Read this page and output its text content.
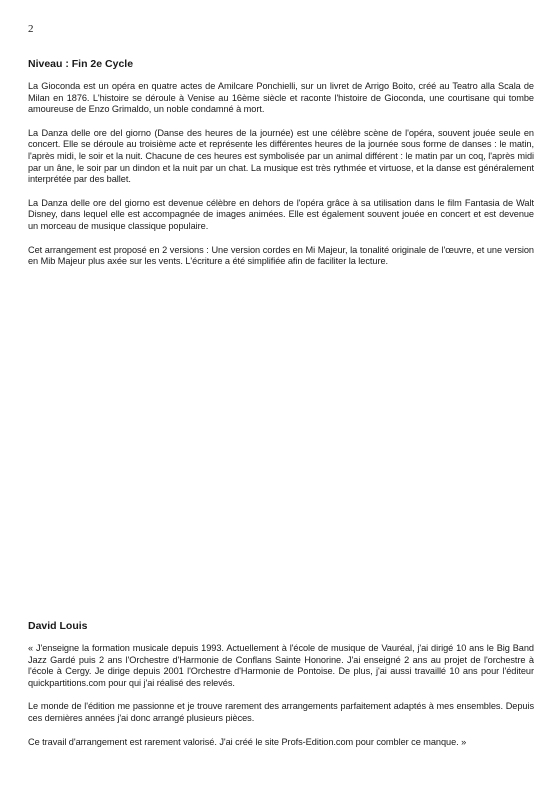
2
Niveau : Fin 2e Cycle

La Gioconda est un opéra en quatre actes de Amilcare Ponchielli, sur un livret de Arrigo Boito, créé au Teatro alla Scala de Milan en 1876. L'histoire se déroule à Venise au 16ème siècle et raconte l'histoire de Gioconda, une courtisane qui tombe amoureuse de Enzo Grimaldo, un noble condamné à mort.

La Danza delle ore del giorno (Danse des heures de la journée) est une célèbre scène de l'opéra, souvent jouée seule en concert. Elle se déroule au troisième acte et représente les différentes heures de la journée sous forme de danses : le matin, l'après midi, le soir et la nuit. Chacune de ces heures est symbolisée par un animal différent : le matin par un coq, l'après midi par un âne, le soir par un dindon et la nuit par un chat. La musique est très rythmée et virtuose, et la danse est généralement interprétée par des ballet.

La Danza delle ore del giorno est devenue célèbre en dehors de l'opéra grâce à sa utilisation dans le film Fantasia de Walt Disney, dans lequel elle est accompagnée de images animées. Elle est également souvent jouée en concert et est devenue un morceau de musique classique populaire.

Cet arrangement est proposé en 2 versions : Une version cordes en Mi Majeur, la tonalité originale de l'œuvre, et une version en Mib Majeur plus axée sur les vents. L'écriture a été simplifiée afin de faciliter la lecture.

David Louis

« J'enseigne la formation musicale depuis 1993. Actuellement à l'école de musique de Vauréal, j'ai dirigé 10 ans le Big Band Jazz Gardé puis 2 ans l'Orchestre d'Harmonie de Conflans Sainte Honorine. J'ai enseigné 2 ans au projet de l'orchestre à l'école à Cergy. Je dirige depuis 2001 l'Orchestre d'Harmonie de Pontoise. De plus, j'ai aussi travaillé 10 ans pour l'éditeur quickpartitions.com pour qui j'ai réalisé des relevés.

Le monde de l'édition me passionne et je trouve rarement des arrangements parfaitement adaptés à mes ensembles. Depuis ces dernières années j'ai donc arrangé plusieurs pièces.

Ce travail d'arrangement est rarement valorisé. J'ai créé le site Profs-Edition.com pour combler ce manque. »
